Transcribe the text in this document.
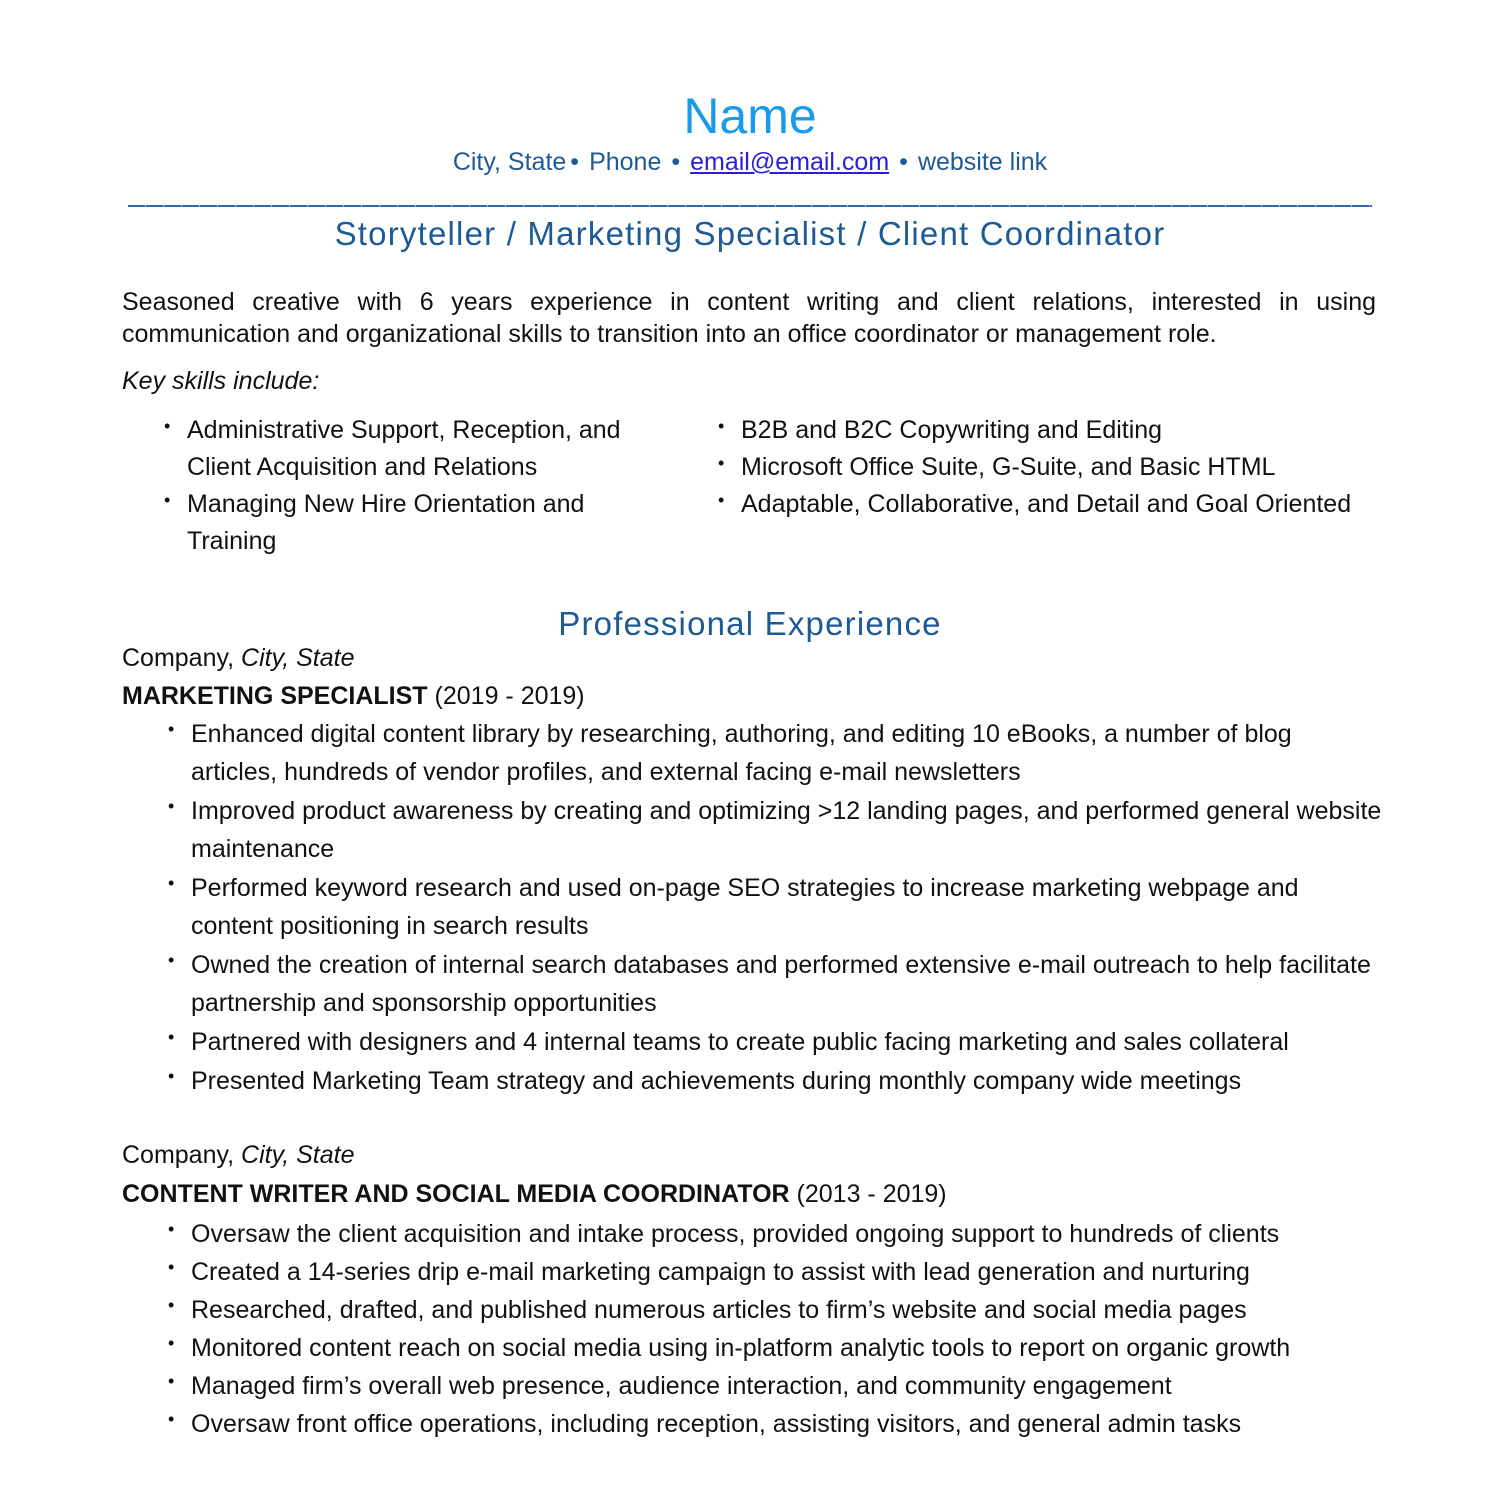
Name
City, State • Phone • email@email.com • website link
Storyteller / Marketing Specialist / Client Coordinator
Seasoned creative with 6 years experience in content writing and client relations, interested in using
communication and organizational skills to transition into an office coordinator or management role.
Key skills include:
• Administrative Support, Reception, and Client Acquisition and Relations
• Managing New Hire Orientation and Training
• B2B and B2C Copywriting and Editing
• Microsoft Office Suite, G-Suite, and Basic HTML
• Adaptable, Collaborative, and Detail and Goal Oriented
Professional Experience
Company, City, State
MARKETING SPECIALIST (2019 - 2019)
• Enhanced digital content library by researching, authoring, and editing 10 eBooks, a number of blog articles, hundreds of vendor profiles, and external facing e-mail newsletters
• Improved product awareness by creating and optimizing >12 landing pages, and performed general website maintenance
• Performed keyword research and used on-page SEO strategies to increase marketing webpage and content positioning in search results
• Owned the creation of internal search databases and performed extensive e-mail outreach to help facilitate partnership and sponsorship opportunities
• Partnered with designers and 4 internal teams to create public facing marketing and sales collateral
• Presented Marketing Team strategy and achievements during monthly company wide meetings
Company, City, State
CONTENT WRITER AND SOCIAL MEDIA COORDINATOR (2013 - 2019)
• Oversaw the client acquisition and intake process, provided ongoing support to hundreds of clients
• Created a 14-series drip e-mail marketing campaign to assist with lead generation and nurturing
• Researched, drafted, and published numerous articles to firm’s website and social media pages
• Monitored content reach on social media using in-platform analytic tools to report on organic growth
• Managed firm’s overall web presence, audience interaction, and community engagement
• Oversaw front office operations, including reception, assisting visitors, and general admin tasks
